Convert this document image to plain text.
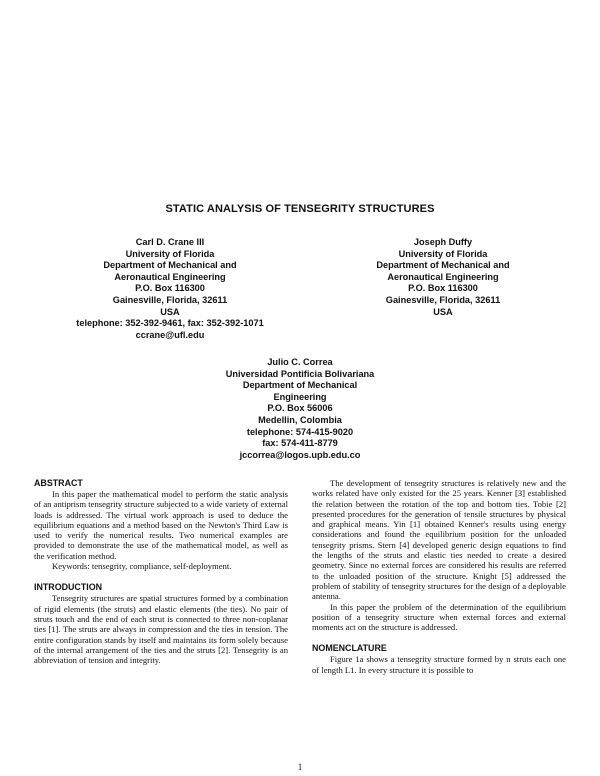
STATIC ANALYSIS OF TENSEGRITY STRUCTURES
Carl D. Crane III
University of Florida
Department of Mechanical and
Aeronautical Engineering
P.O. Box 116300
Gainesville, Florida, 32611
USA
telephone: 352-392-9461, fax: 352-392-1071
ccrane@ufl.edu
Joseph Duffy
University of Florida
Department of Mechanical and
Aeronautical Engineering
P.O. Box 116300
Gainesville, Florida, 32611
USA
Julio C. Correa
Universidad Pontificia Bolivariana
Department of Mechanical
Engineering
P.O. Box 56006
Medellin, Colombia
telephone: 574-415-9020
fax: 574-411-8779
jccorrea@logos.upb.edu.co

ABSTRACT

In this paper the mathematical model to perform the static analysis of an antiprism tensegrity structure subjected to a wide variety of external loads is addressed. The virtual work approach is used to deduce the equilibrium equations and a method based on the Newton's Third Law is used to verify the numerical results. Two numerical examples are provided to demonstrate the use of the mathematical model, as well as the verification method.

Keywords: tensegrity, compliance, self-deployment.

INTRODUCTION

Tensegrity structures are spatial structures formed by a combination of rigid elements (the struts) and elastic elements (the ties). No pair of struts touch and the end of each strut is connected to three non-coplanar ties [1]. The struts are always in compression and the ties in tension. The entire configuration stands by itself and maintains its form solely because of the internal arrangement of the ties and the struts [2]. Tensegrity is an abbreviation of tension and integrity.

The development of tensegrity structures is relatively new and the works related have only existed for the 25 years. Kenner [3] established the relation between the rotation of the top and bottom ties. Tobie [2] presented procedures for the generation of tensile structures by physical and graphical means. Yin [1] obtained Kenner's results using energy considerations and found the equilibrium position for the unloaded tensegrity prisms. Stern [4] developed generic design equations to find the lengths of the struts and elastic ties needed to create a desired geometry. Since no external forces are considered his results are referred to the unloaded position of the structure. Knight [5] addressed the problem of stability of tensegrity structures for the design of a deployable antenna.

In this paper the problem of the determination of the equilibrium position of a tensegrity structure when external forces and external moments act on the structure is addressed.

NOMENCLATURE

Figure 1a shows a tensegrity structure formed by n struts each one of length L1. In every structure it is possible to

1
